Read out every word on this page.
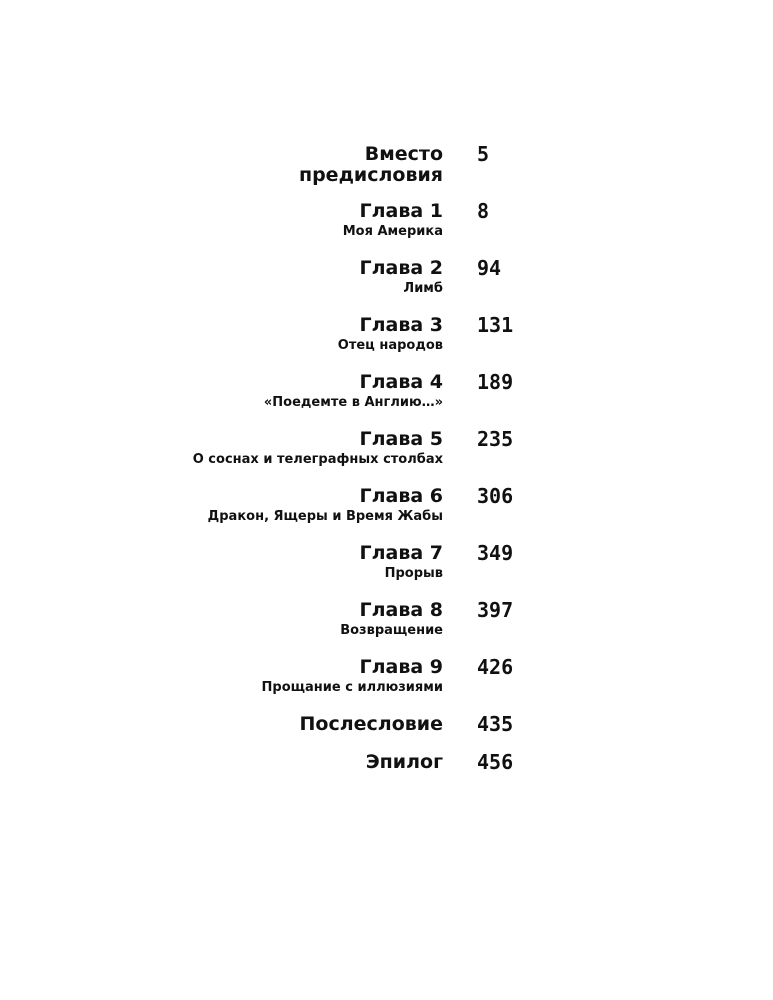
Вместо
предисловия
5
Глава 1
Моя Америка
8
Глава 2
Лимб
94
Глава 3
Отец народов
131
Глава 4
«Поедемте в Англию…»
189
Глава 5
О соснах и телеграфных столбах
235
Глава 6
Дракон, Ящеры и Время Жабы
306
Глава 7
Прорыв
349
Глава 8
Возвращение
397
Глава 9
Прощание с иллюзиями
426
Послесловие 435
Эпилог 456
